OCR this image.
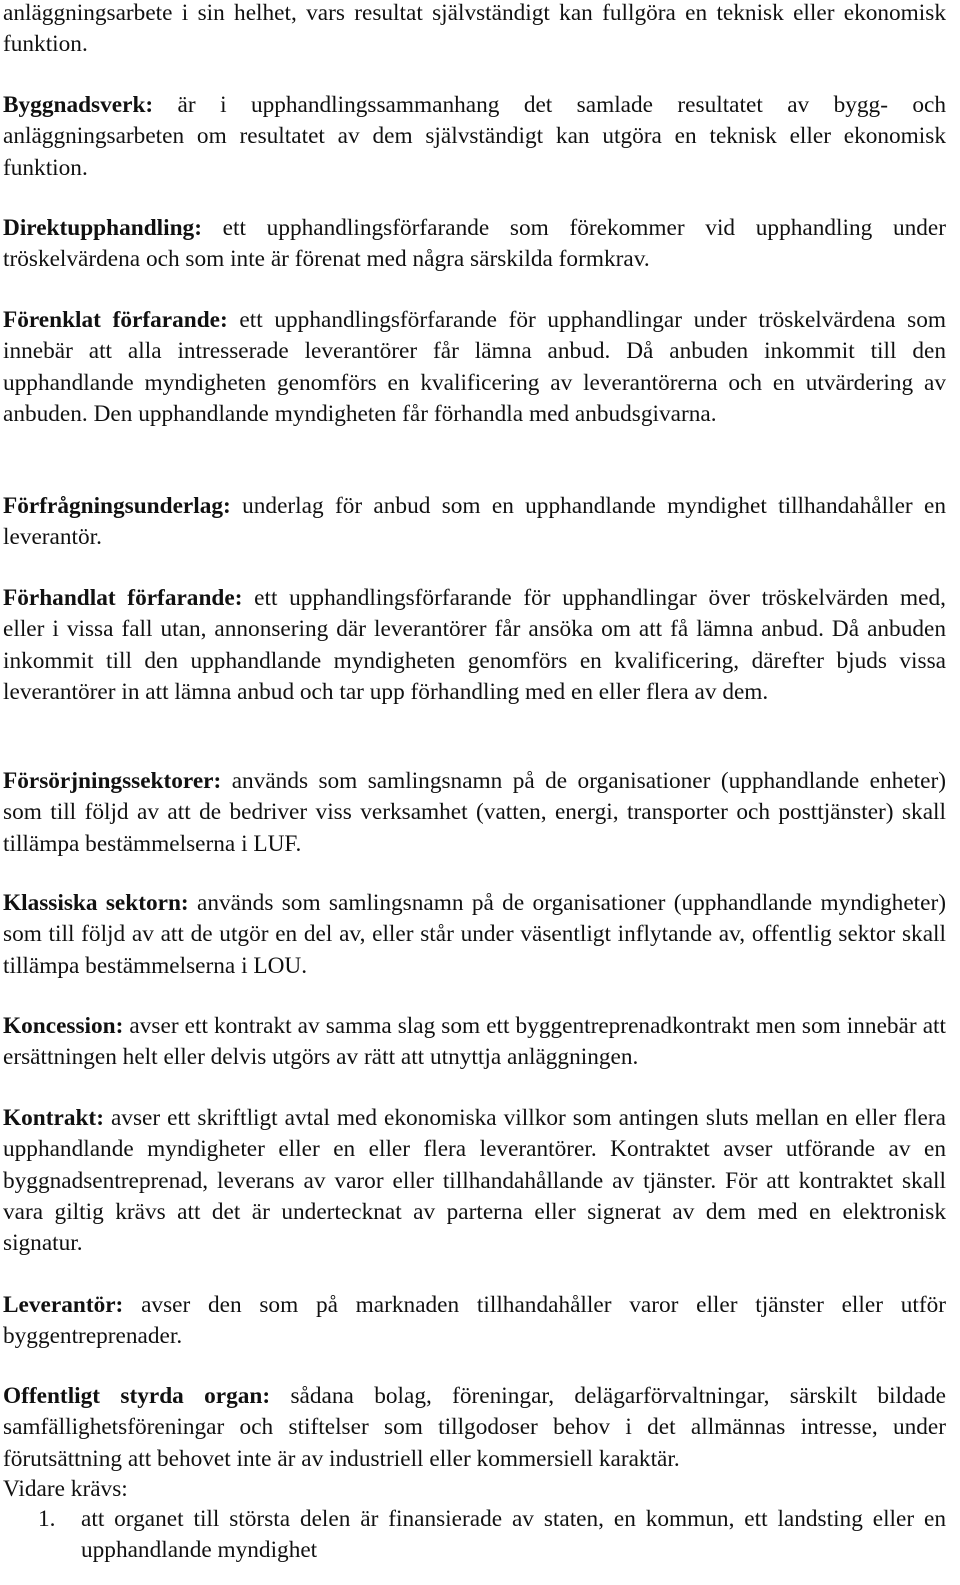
anläggningsarbete i sin helhet, vars resultat självständigt kan fullgöra en teknisk eller ekonomisk funktion.

Byggnadsverk: är i upphandlingssammanhang det samlade resultatet av bygg- och anläggningsarbeten om resultatet av dem självständigt kan utgöra en teknisk eller ekonomisk funktion.

Direktupphandling: ett upphandlingsförfarande som förekommer vid upphandling under tröskelvärdena och som inte är förenat med några särskilda formkrav.

Förenklat förfarande: ett upphandlingsförfarande för upphandlingar under tröskelvärdena som innebär att alla intresserade leverantörer får lämna anbud. Då anbuden inkommit till den upphandlande myndigheten genomförs en kvalificering av leverantörerna och en utvärdering av anbuden. Den upphandlande myndigheten får förhandla med anbudsgivarna.

Förfrågningsunderlag: underlag för anbud som en upphandlande myndighet tillhandahåller en leverantör.

Förhandlat förfarande: ett upphandlingsförfarande för upphandlingar över tröskelvärden med, eller i vissa fall utan, annonsering där leverantörer får ansöka om att få lämna anbud. Då anbuden inkommit till den upphandlande myndigheten genomförs en kvalificering, därefter bjuds vissa leverantörer in att lämna anbud och tar upp förhandling med en eller flera av dem.

Försörjningssektorer: används som samlingsnamn på de organisationer (upphandlande enheter) som till följd av att de bedriver viss verksamhet (vatten, energi, transporter och posttjänster) skall tillämpa bestämmelserna i LUF.

Klassiska sektorn: används som samlingsnamn på de organisationer (upphandlande myndigheter) som till följd av att de utgör en del av, eller står under väsentligt inflytande av, offentlig sektor skall tillämpa bestämmelserna i LOU.

Koncession: avser ett kontrakt av samma slag som ett byggentreprenadkontrakt men som innebär att ersättningen helt eller delvis utgörs av rätt att utnyttja anläggningen.

Kontrakt: avser ett skriftligt avtal med ekonomiska villkor som antingen sluts mellan en eller flera upphandlande myndigheter eller en eller flera leverantörer. Kontraktet avser utförande av en byggnadsentreprenad, leverans av varor eller tillhandahållande av tjänster. För att kontraktet skall vara giltig krävs att det är undertecknat av parterna eller signerat av dem med en elektronisk signatur.

Leverantör: avser den som på marknaden tillhandahåller varor eller tjänster eller utför byggentreprenader.

Offentligt styrda organ: sådana bolag, föreningar, delägarförvaltningar, särskilt bildade samfällighetsföreningar och stiftelser som tillgodoser behov i det allmännas intresse, under förutsättning att behovet inte är av industriell eller kommersiell karaktär.

Vidare krävs:

1. att organet till största delen är finansierade av staten, en kommun, ett landsting eller en upphandlande myndighet
